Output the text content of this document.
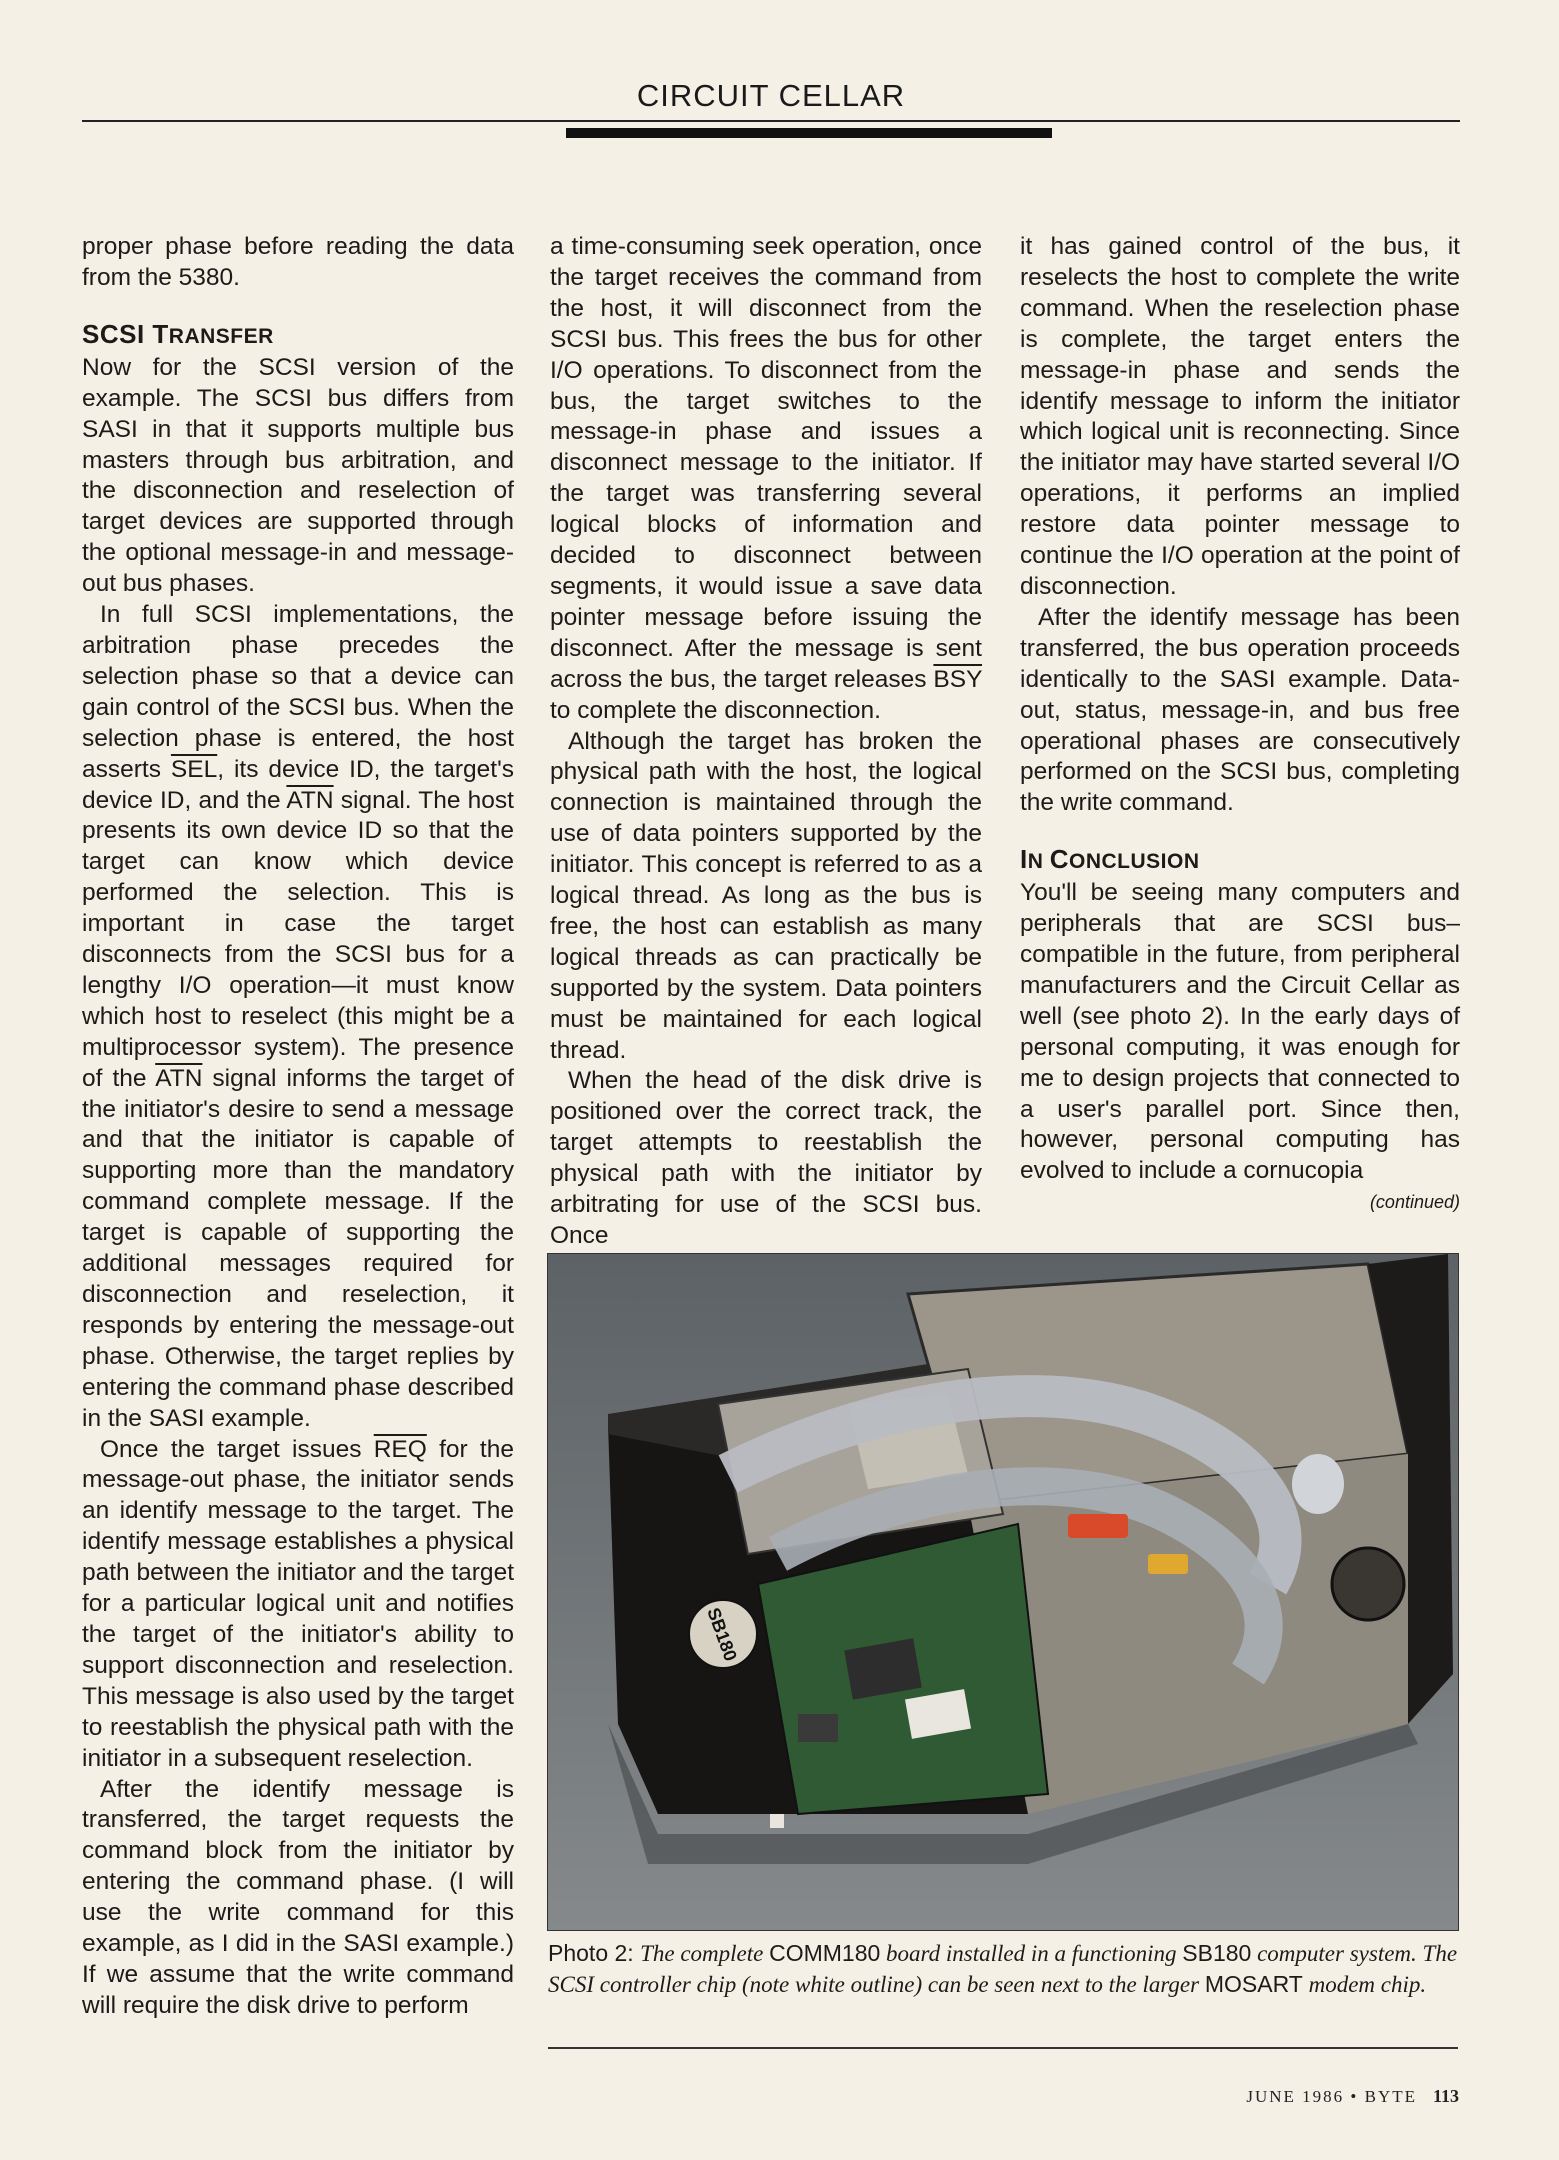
CIRCUIT CELLAR

proper phase before reading the data from the 5380.

SCSI TRANSFER

Now for the SCSI version of the example. The SCSI bus differs from SASI in that it supports multiple bus masters through bus arbitration, and the disconnection and reselection of target devices are supported through the optional message-in and message-out bus phases.

In full SCSI implementations, the arbitration phase precedes the selection phase so that a device can gain control of the SCSI bus. When the selection phase is entered, the host asserts $\overline{SEL}$, its device ID, the target's device ID, and the $\overline{ATN}$ signal. The host presents its own device ID so that the target can know which device performed the selection. This is important in case the target disconnects from the SCSI bus for a lengthy I/O operation—it must know which host to reselect (this might be a multiprocessor system). The presence of the $\overline{ATN}$ signal informs the target of the initiator's desire to send a message and that the initiator is capable of supporting more than the mandatory command complete message. If the target is capable of supporting the additional messages required for disconnection and reselection, it responds by entering the message-out phase. Otherwise, the target replies by entering the command phase described in the SASI example.

Once the target issues $\overline{REQ}$ for the message-out phase, the initiator sends an identify message to the target. The identify message establishes a physical path between the initiator and the target for a particular logical unit and notifies the target of the initiator's ability to support disconnection and reselection. This message is also used by the target to reestablish the physical path with the initiator in a subsequent reselection.

After the identify message is transferred, the target requests the command block from the initiator by entering the command phase. (I will use the write command for this example, as I did in the SASI example.) If we assume that the write command will require the disk drive to perform

a time-consuming seek operation, once the target receives the command from the host, it will disconnect from the SCSI bus. This frees the bus for other I/O operations. To disconnect from the bus, the target switches to the message-in phase and issues a disconnect message to the initiator. If the target was transferring several logical blocks of information and decided to disconnect between segments, it would issue a save data pointer message before issuing the disconnect. After the message is sent across the bus, the target releases $\overline{BSY}$ to complete the disconnection.

Although the target has broken the physical path with the host, the logical connection is maintained through the use of data pointers supported by the initiator. This concept is referred to as a logical thread. As long as the bus is free, the host can establish as many logical threads as can practically be supported by the system. Data pointers must be maintained for each logical thread.

When the head of the disk drive is positioned over the correct track, the target attempts to reestablish the physical path with the initiator by arbitrating for use of the SCSI bus. Once

it has gained control of the bus, it reselects the host to complete the write command. When the reselection phase is complete, the target enters the message-in phase and sends the identify message to inform the initiator which logical unit is reconnecting. Since the initiator may have started several I/O operations, it performs an implied restore data pointer message to continue the I/O operation at the point of disconnection.

After the identify message has been transferred, the bus operation proceeds identically to the SASI example. Data-out, status, message-in, and bus free operational phases are consecutively performed on the SCSI bus, completing the write command.

IN CONCLUSION

You'll be seeing many computers and peripherals that are SCSI bus–compatible in the future, from peripheral manufacturers and the Circuit Cellar as well (see photo 2). In the early days of personal computing, it was enough for me to design projects that connected to a user's parallel port. Since then, however, personal computing has evolved to include a cornucopia

(continued)
SB180
Photo 2: The complete COMM180 board installed in a functioning SB180 computer system. The SCSI controller chip (note white outline) can be seen next to the larger MOSART modem chip.
JUNE 1986 • BYTE 113
